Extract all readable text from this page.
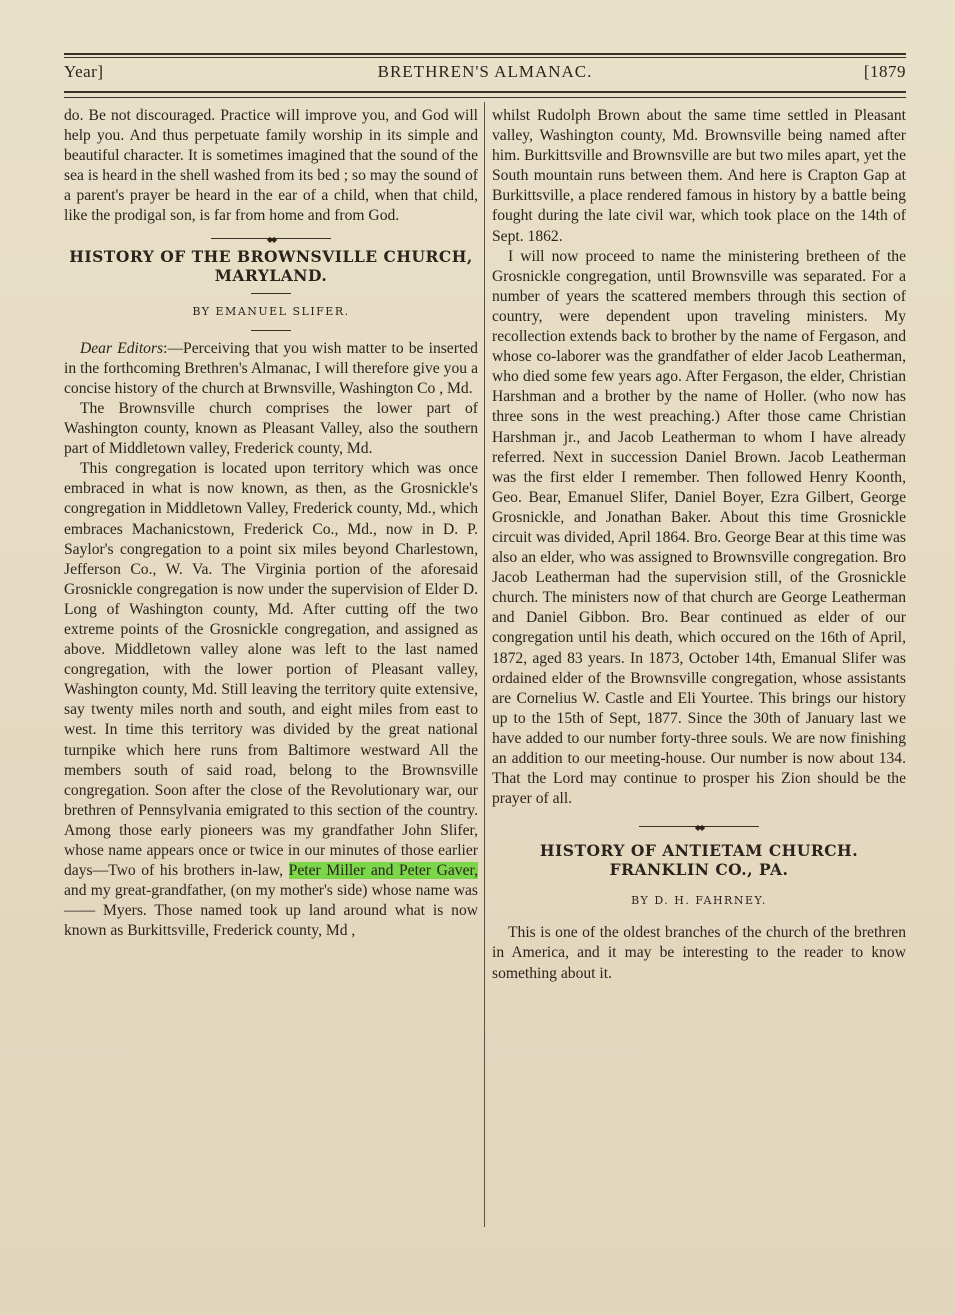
Year]	BRETHREN'S ALMANAC.	[1879

do. Be not discouraged. Practice will improve you, and God will help you. And thus perpetuate family worship in its simple and beautiful character. It is sometimes imagined that the sound of the sea is heard in the shell washed from its bed ; so may the sound of a parent's prayer be heard in the ear of a child, when that child, like the prodigal son, is far from home and from God.

◆◆
HISTORY OF THE BROWNSVILLE CHURCH, MARYLAND.
BY EMANUEL SLIFER.

Dear Editors:—Perceiving that you wish matter to be inserted in the forthcoming Brethren's Almanac, I will therefore give you a concise history of the church at Brwnsville, Washington Co , Md.

The Brownsville church comprises the lower part of Washington county, known as Pleasant Valley, also the southern part of Middletown valley, Frederick county, Md.

This congregation is located upon territory which was once embraced in what is now known, as then, as the Grosnickle's congregation in Middletown Valley, Frederick county, Md., which embraces Machanicstown, Frederick Co., Md., now in D. P. Saylor's congregation to a point six miles beyond Charlestown, Jefferson Co., W. Va. The Virginia portion of the aforesaid Grosnickle congregation is now under the supervision of Elder D. Long of Washington county, Md. After cutting off the two extreme points of the Grosnickle congregation, and assigned as above. Middletown valley alone was left to the last named congregation, with the lower portion of Pleasant valley, Washington county, Md. Still leaving the territory quite extensive, say twenty miles north and south, and eight miles from east to west. In time this territory was divided by the great national turnpike which here runs from Baltimore westward All the members south of said road, belong to the Brownsville congregation. Soon after the close of the Revolutionary war, our brethren of Pennsylvania emigrated to this section of the country. Among those early pioneers was my grandfather John Slifer, whose name appears once or twice in our minutes of those earlier days—Two of his brothers in-law, Peter Miller and Peter Gaver, and my great-grandfather, (on my mother's side) whose name was —— Myers. Those named took up land around what is now known as Burkittsville, Frederick county, Md ,

whilst Rudolph Brown about the same time settled in Pleasant valley, Washington county, Md. Brownsville being named after him. Burkittsville and Brownsville are but two miles apart, yet the South mountain runs between them. And here is Crapton Gap at Burkittsville, a place rendered famous in history by a battle being fought during the late civil war, which took place on the 14th of Sept. 1862.

I will now proceed to name the ministering bretheen of the Grosnickle congregation, until Brownsville was separated. For a number of years the scattered members through this section of country, were dependent upon traveling ministers. My recollection extends back to brother by the name of Fergason, and whose co-laborer was the grandfather of elder Jacob Leatherman, who died some few years ago. After Fergason, the elder, Christian Harshman and a brother by the name of Holler. (who now has three sons in the west preaching.) After those came Christian Harshman jr., and Jacob Leatherman to whom I have already referred. Next in succession Daniel Brown. Jacob Leatherman was the first elder I remember. Then followed Henry Koonth, Geo. Bear, Emanuel Slifer, Daniel Boyer, Ezra Gilbert, George Grosnickle, and Jonathan Baker. About this time Grosnickle circuit was divided, April 1864. Bro. George Bear at this time was also an elder, who was assigned to Brownsville congregation. Bro Jacob Leatherman had the supervision still, of the Grosnickle church. The ministers now of that church are George Leatherman and Daniel Gibbon. Bro. Bear continued as elder of our congregation until his death, which occured on the 16th of April, 1872, aged 83 years. In 1873, October 14th, Emanual Slifer was ordained elder of the Brownsville congregation, whose assistants are Cornelius W. Castle and Eli Yourtee. This brings our history up to the 15th of Sept, 1877. Since the 30th of January last we have added to our number forty-three souls. We are now finishing an addition to our meeting-house. Our number is now about 134. That the Lord may continue to prosper his Zion should be the prayer of all.

◆◆
HISTORY OF ANTIETAM CHURCH. FRANKLIN CO., PA.
BY D. H. FAHRNEY.

This is one of the oldest branches of the church of the brethren in America, and it may be interesting to the reader to know something about it.
